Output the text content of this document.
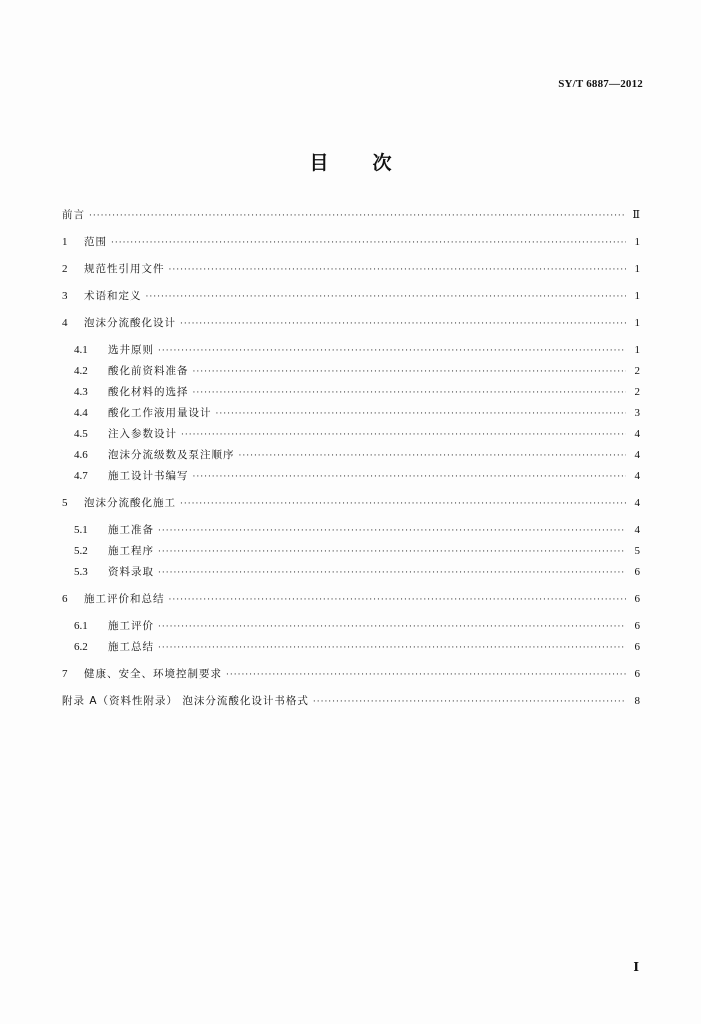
SY/T 6887—2012
目 次
前言 ·····	Ⅱ
1	范围 ·····	1
2	规范性引用文件 ·····	1
3	术语和定义 ·····	1
4	泡沫分流酸化设计 ·····	1
4.1	选井原则 ·····	1
4.2	酸化前资料准备 ·····	2
4.3	酸化材料的选择 ·····	2
4.4	酸化工作液用量设计 ·····	3
4.5	注入参数设计 ·····	4
4.6	泡沫分流级数及泵注顺序 ·····	4
4.7	施工设计书编写 ·····	4
5	泡沫分流酸化施工 ·····	4
5.1	施工准备 ·····	4
5.2	施工程序 ·····	5
5.3	资料录取 ·····	6
6	施工评价和总结 ·····	6
6.1	施工评价 ·····	6
6.2	施工总结 ·····	6
7	健康、安全、环境控制要求 ·····	6
附录 A（资料性附录） 泡沫分流酸化设计书格式 ·····	8
Ⅰ
